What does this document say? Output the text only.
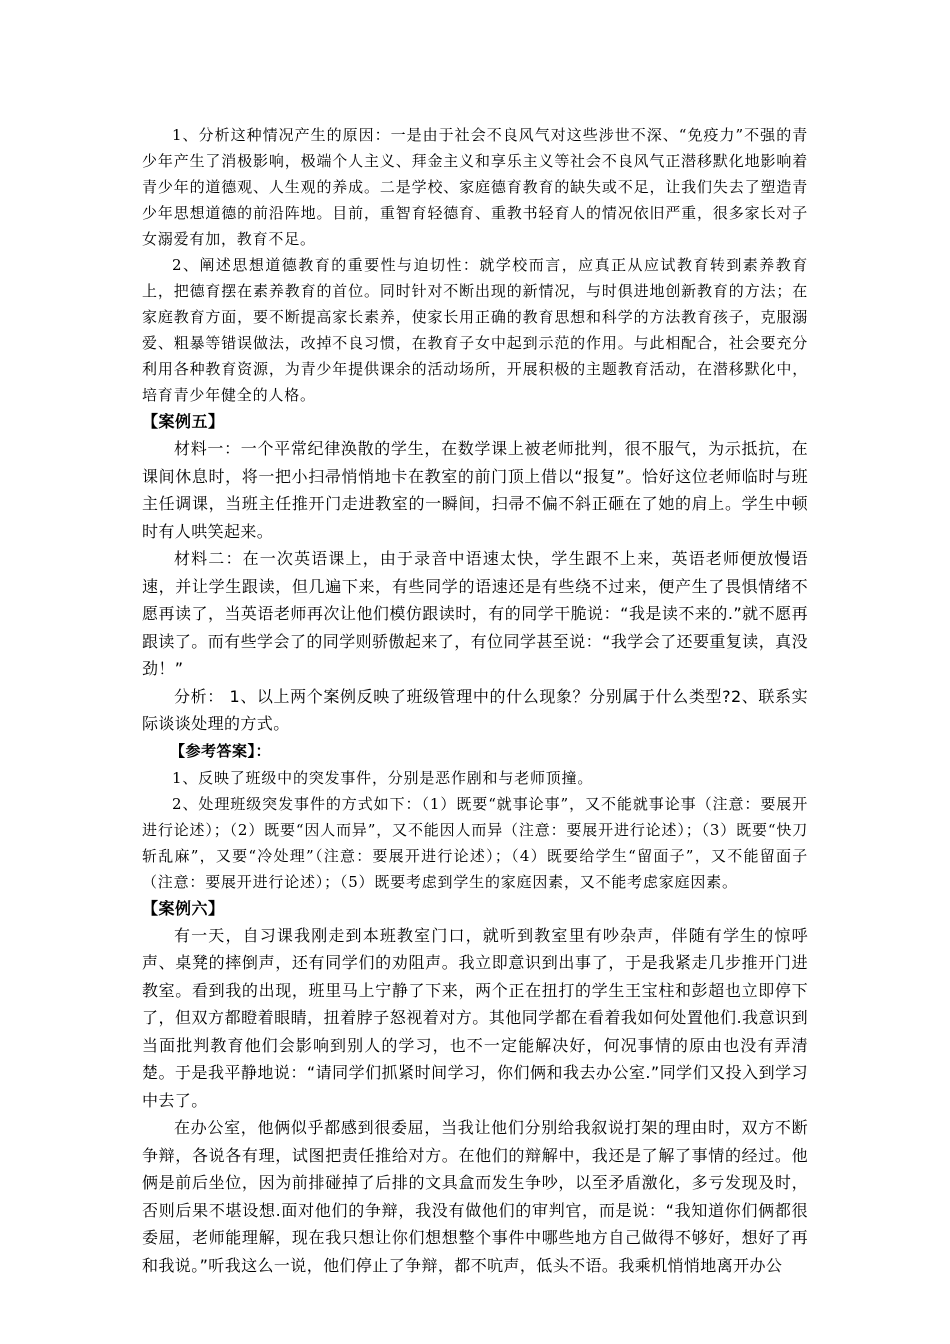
1、分析这种情况产生的原因：一是由于社会不良风气对这些涉世不深、“免疫力”不强的青少年产生了消极影响，极端个人主义、拜金主义和享乐主义等社会不良风气正潜移默化地影响着青少年的道德观、人生观的养成。二是学校、家庭德育教育的缺失或不足，让我们失去了塑造青少年思想道德的前沿阵地。目前，重智育轻德育、重教书轻育人的情况依旧严重，很多家长对子女溺爱有加，教育不足。

2、阐述思想道德教育的重要性与迫切性：就学校而言，应真正从应试教育转到素养教育上，把德育摆在素养教育的首位。同时针对不断出现的新情况，与时俱进地创新教育的方法；在家庭教育方面，要不断提高家长素养，使家长用正确的教育思想和科学的方法教育孩子，克服溺爱、粗暴等错误做法，改掉不良习惯，在教育子女中起到示范的作用。与此相配合，社会要充分利用各种教育资源，为青少年提供课余的活动场所，开展积极的主题教育活动，在潜移默化中，培育青少年健全的人格。

【案例五】

材料一：一个平常纪律涣散的学生，在数学课上被老师批判，很不服气，为示抵抗，在课间休息时，将一把小扫帚悄悄地卡在教室的前门顶上借以“报复”。恰好这位老师临时与班主任调课，当班主任推开门走进教室的一瞬间，扫帚不偏不斜正砸在了她的肩上。学生中顿时有人哄笑起来。

材料二：在一次英语课上，由于录音中语速太快，学生跟不上来，英语老师便放慢语速，并让学生跟读，但几遍下来，有些同学的语速还是有些绕不过来，便产生了畏惧情绪不愿再读了，当英语老师再次让他们模仿跟读时，有的同学干脆说：“我是读不来的.”就不愿再跟读了。而有些学会了的同学则骄傲起来了，有位同学甚至说：“我学会了还要重复读，真没劲！”

分析： 1、以上两个案例反映了班级管理中的什么现象？分别属于什么类型?2、联系实际谈谈处理的方式。

【参考答案】：

1、反映了班级中的突发事件，分别是恶作剧和与老师顶撞。

2、处理班级突发事件的方式如下：（1）既要“就事论事”，又不能就事论事（注意：要展开进行论述）；（2）既要“因人而异”，又不能因人而异（注意：要展开进行论述）；（3）既要“快刀斩乱麻”，又要“冷处理”（注意：要展开进行论述）；（4）既要给学生“留面子”，又不能留面子（注意：要展开进行论述）；（5）既要考虑到学生的家庭因素，又不能考虑家庭因素。

【案例六】

有一天，自习课我刚走到本班教室门口，就听到教室里有吵杂声，伴随有学生的惊呼声、桌凳的摔倒声，还有同学们的劝阻声。我立即意识到出事了，于是我紧走几步推开门进教室。看到我的出现，班里马上宁静了下来，两个正在扭打的学生王宝柱和彭超也立即停下了，但双方都瞪着眼睛，扭着脖子怒视着对方。其他同学都在看着我如何处置他们.我意识到当面批判教育他们会影响到别人的学习，也不一定能解决好，何况事情的原由也没有弄清楚。于是我平静地说：“请同学们抓紧时间学习，你们俩和我去办公室.”同学们又投入到学习中去了。

在办公室，他俩似乎都感到很委屈，当我让他们分别给我叙说打架的理由时，双方不断争辩，各说各有理，试图把责任推给对方。在他们的辩解中，我还是了解了事情的经过。他俩是前后坐位，因为前排碰掉了后排的文具盒而发生争吵，以至矛盾激化，多亏发现及时，否则后果不堪设想.面对他们的争辩，我没有做他们的审判官，而是说：“我知道你们俩都很委屈，老师能理解，现在我只想让你们想想整个事件中哪些地方自己做得不够好，想好了再和我说。”听我这么一说，他们停止了争辩，都不吭声，低头不语。我乘机悄悄地离开办公
